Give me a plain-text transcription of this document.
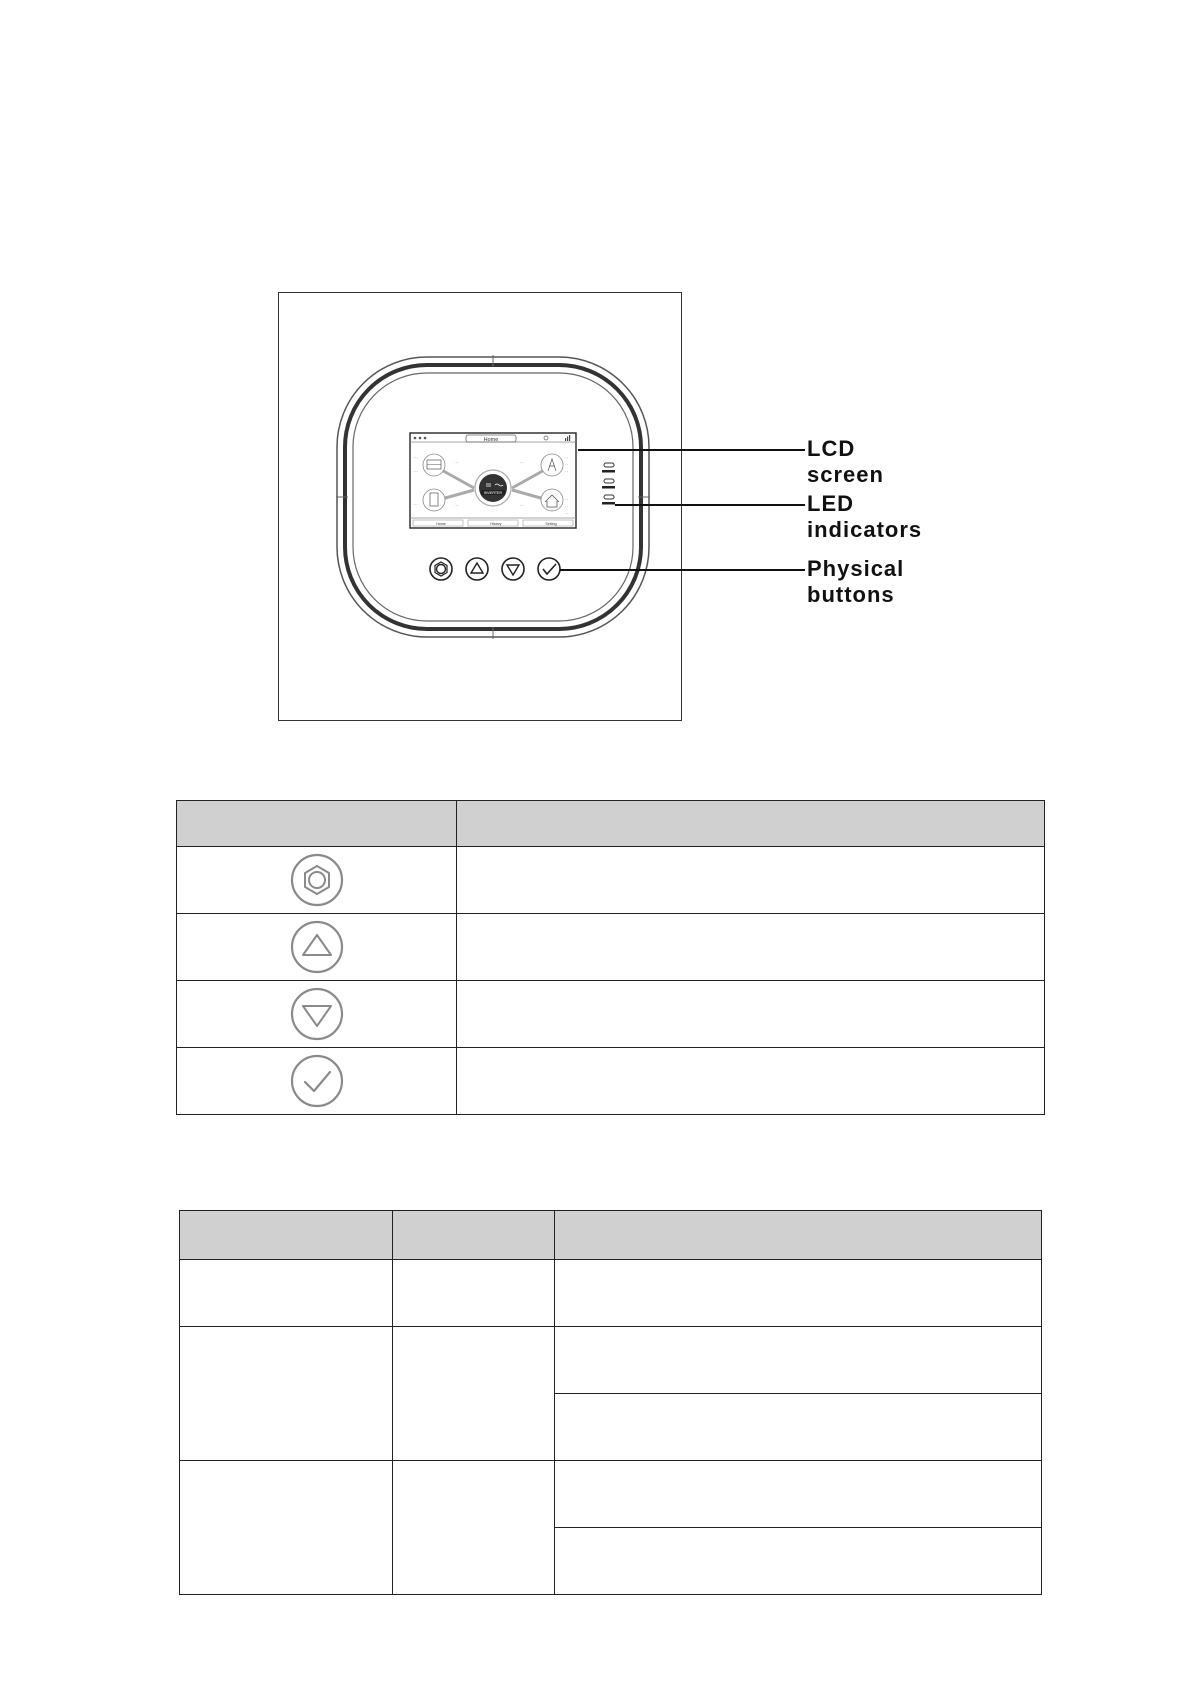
Home
INVERTER
- - -
- - -
- - -
- - -
- - -
- - -
- - -
- -
- -
- -
- -
- -
- -
Home	History	Setting

LCD

screen

LED

indicators

Physical

buttons
